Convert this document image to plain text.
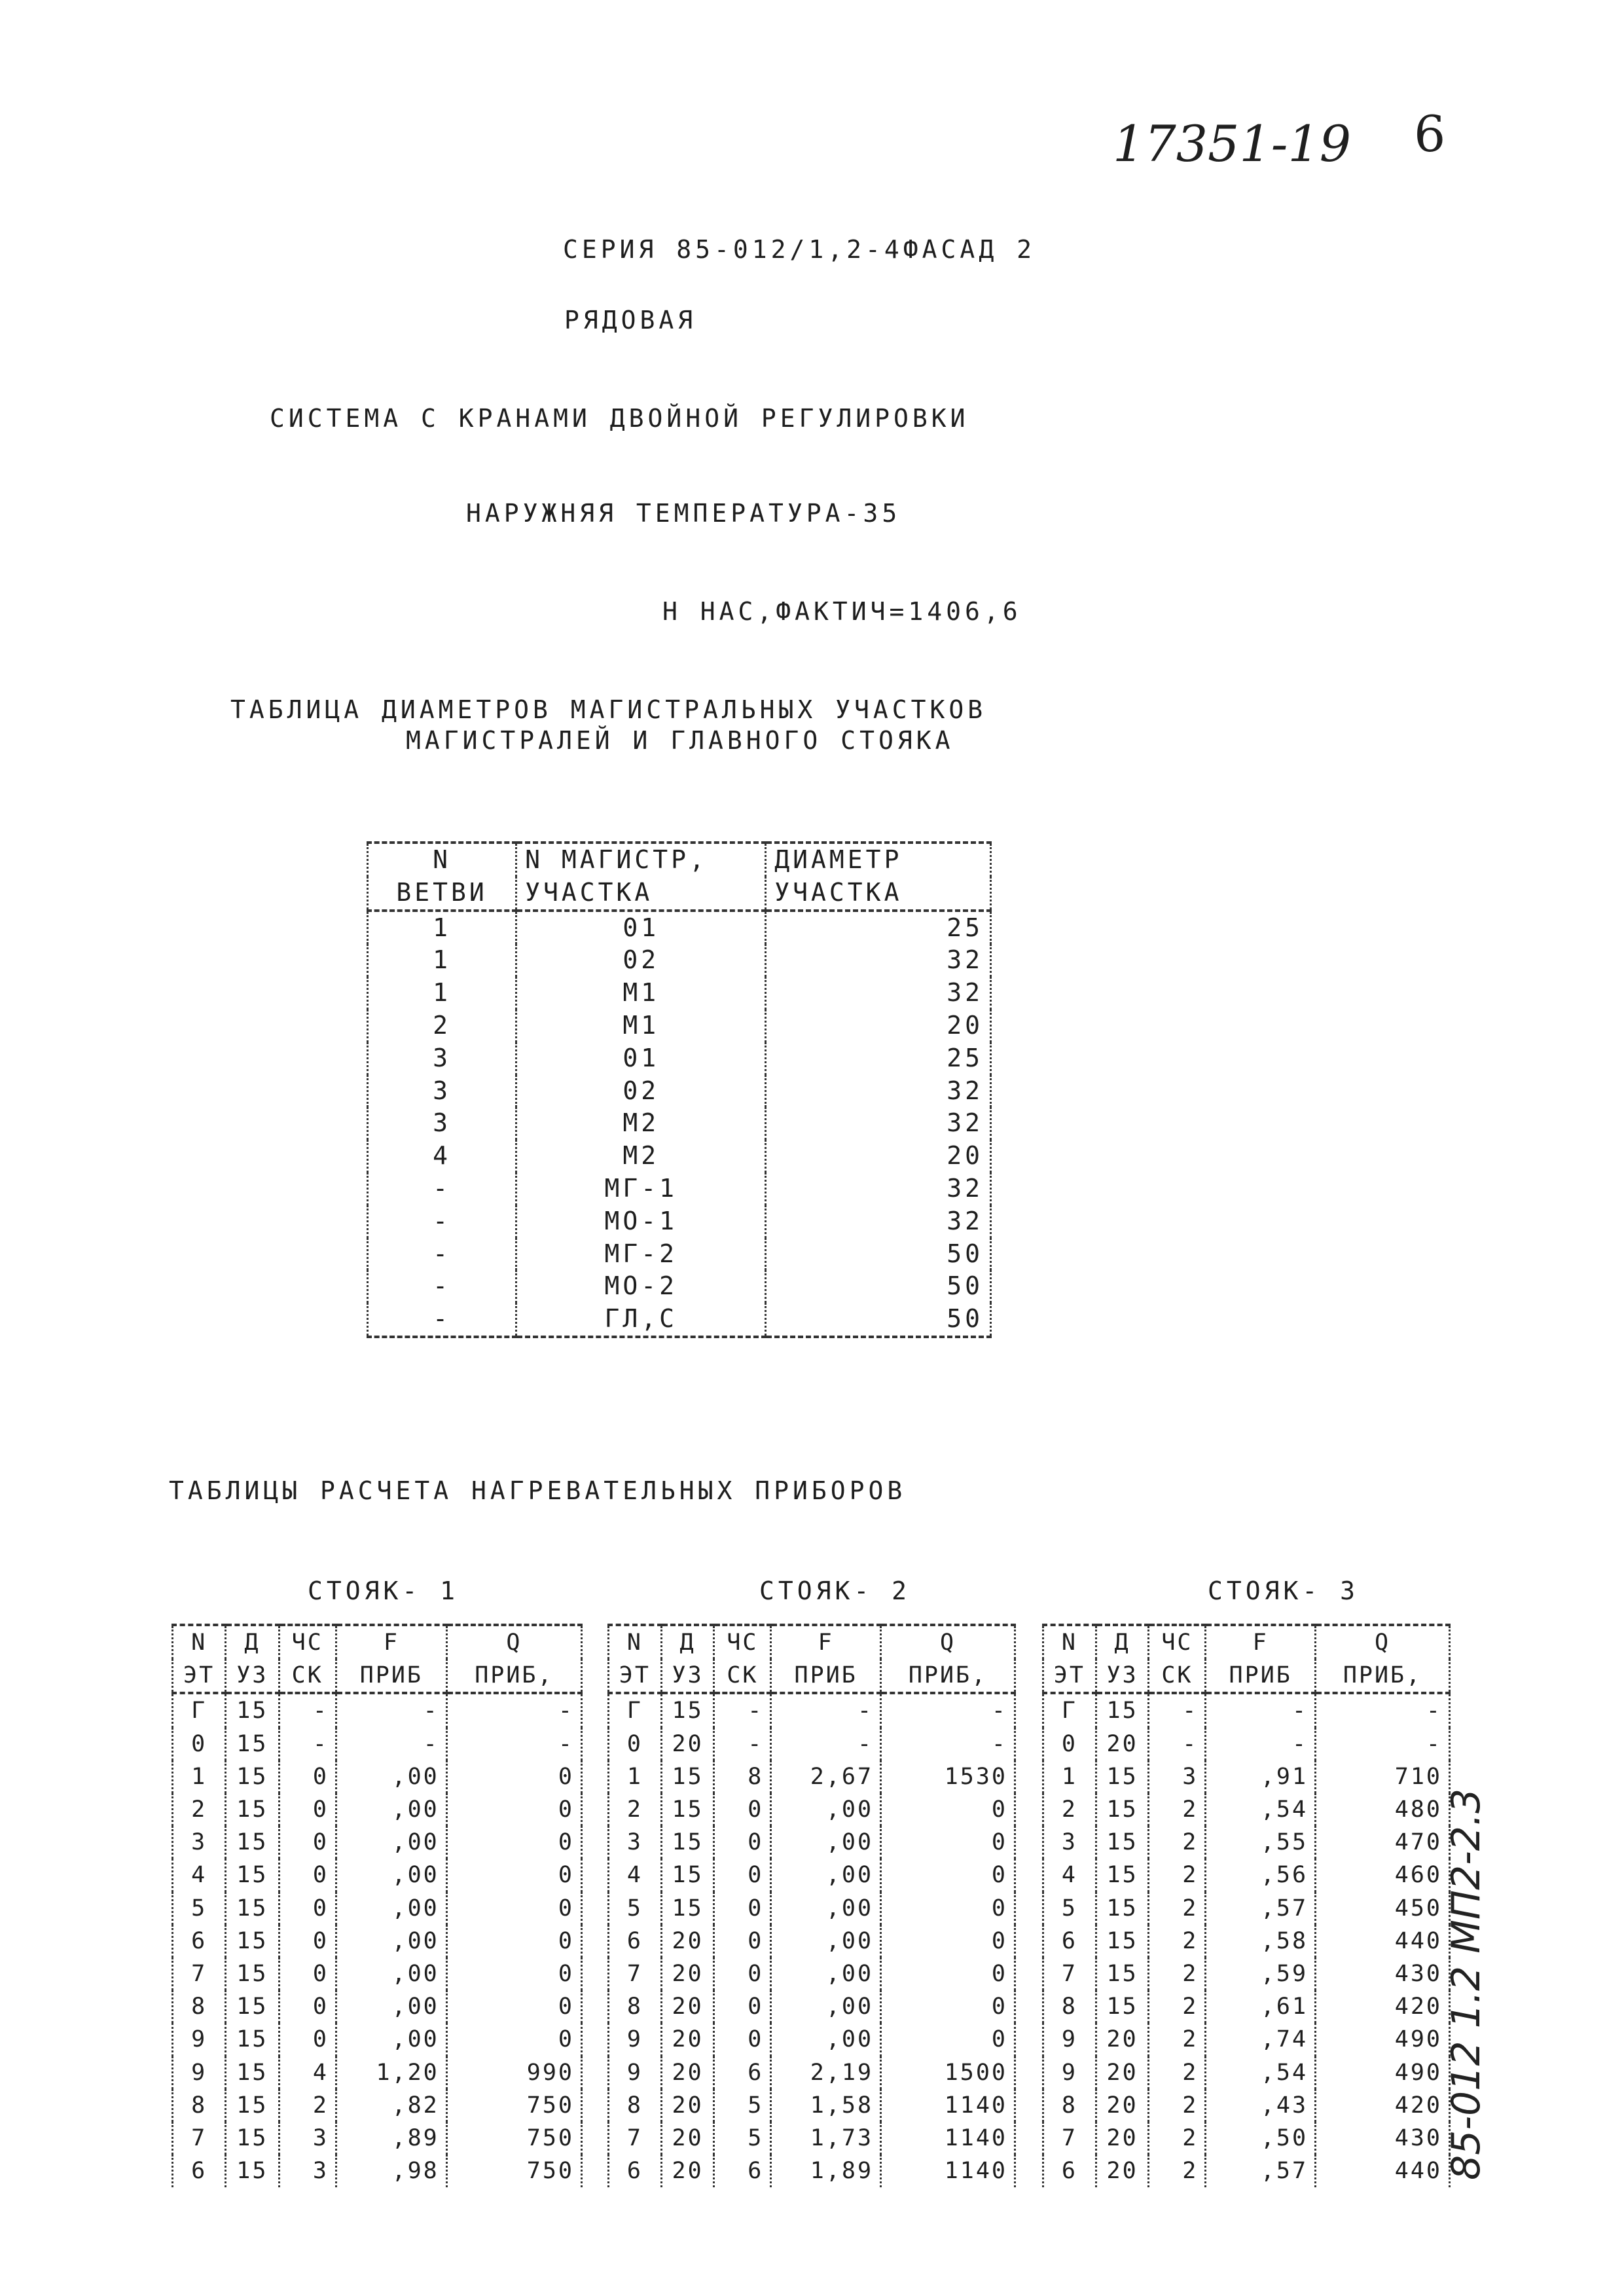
17351-19 6
85-012 1.2 МП2-2.3
СЕРИЯ 85-012/1,2-4ФАСАД 2
РЯДОВАЯ
СИСТЕМА С КРАНАМИ ДВОЙНОЙ РЕГУЛИРОВКИ
НАРУЖНЯЯ ТЕМПЕРАТУРА-35
Н НАС,ФАКТИЧ=1406,6
ТАБЛИЦА ДИАМЕТРОВ МАГИСТРАЛЬНЫХ УЧАСТКОВ
МАГИСТРАЛЕЙ И ГЛАВНОГО СТОЯКА
N	N МАГИСТР,	ДИАМЕТР
ВЕТВИ	УЧАСТКА	УЧАСТКА
1	01	25
1	02	32
1	М1	32
2	М1	20
3	01	25
3	02	32
3	М2	32
4	М2	20
-	МГ-1	32
-	МО-1	32
-	МГ-2	50
-	МО-2	50
-	ГЛ,С	50
ТАБЛИЦЫ РАСЧЕТА НАГРЕВАТЕЛЬНЫХ ПРИБОРОВ
СТОЯК- 1	СТОЯК- 2	СТОЯК- 3
N	Д	ЧС	F	Q
ЭТ	УЗ	СК	ПРИБ	ПРИБ,
Г	15	-	-	-
0	15	-	-	-
1	15	0	,00	0
2	15	0	,00	0
3	15	0	,00	0
4	15	0	,00	0
5	15	0	,00	0
6	15	0	,00	0
7	15	0	,00	0
8	15	0	,00	0
9	15	0	,00	0
9	15	4	1,20	990
8	15	2	,82	750
7	15	3	,89	750
6	15	3	,98	750
N	Д	ЧС	F	Q
ЭТ	УЗ	СК	ПРИБ	ПРИБ,
Г	15	-	-	-
0	20	-	-	-
1	15	8	2,67	1530
2	15	0	,00	0
3	15	0	,00	0
4	15	0	,00	0
5	15	0	,00	0
6	20	0	,00	0
7	20	0	,00	0
8	20	0	,00	0
9	20	0	,00	0
9	20	6	2,19	1500
8	20	5	1,58	1140
7	20	5	1,73	1140
6	20	6	1,89	1140
N	Д	ЧС	F	Q
ЭТ	УЗ	СК	ПРИБ	ПРИБ,
Г	15	-	-	-
0	20	-	-	-
1	15	3	,91	710
2	15	2	,54	480
3	15	2	,55	470
4	15	2	,56	460
5	15	2	,57	450
6	15	2	,58	440
7	15	2	,59	430
8	15	2	,61	420
9	20	2	,74	490
9	20	2	,54	490
8	20	2	,43	420
7	20	2	,50	430
6	20	2	,57	440
